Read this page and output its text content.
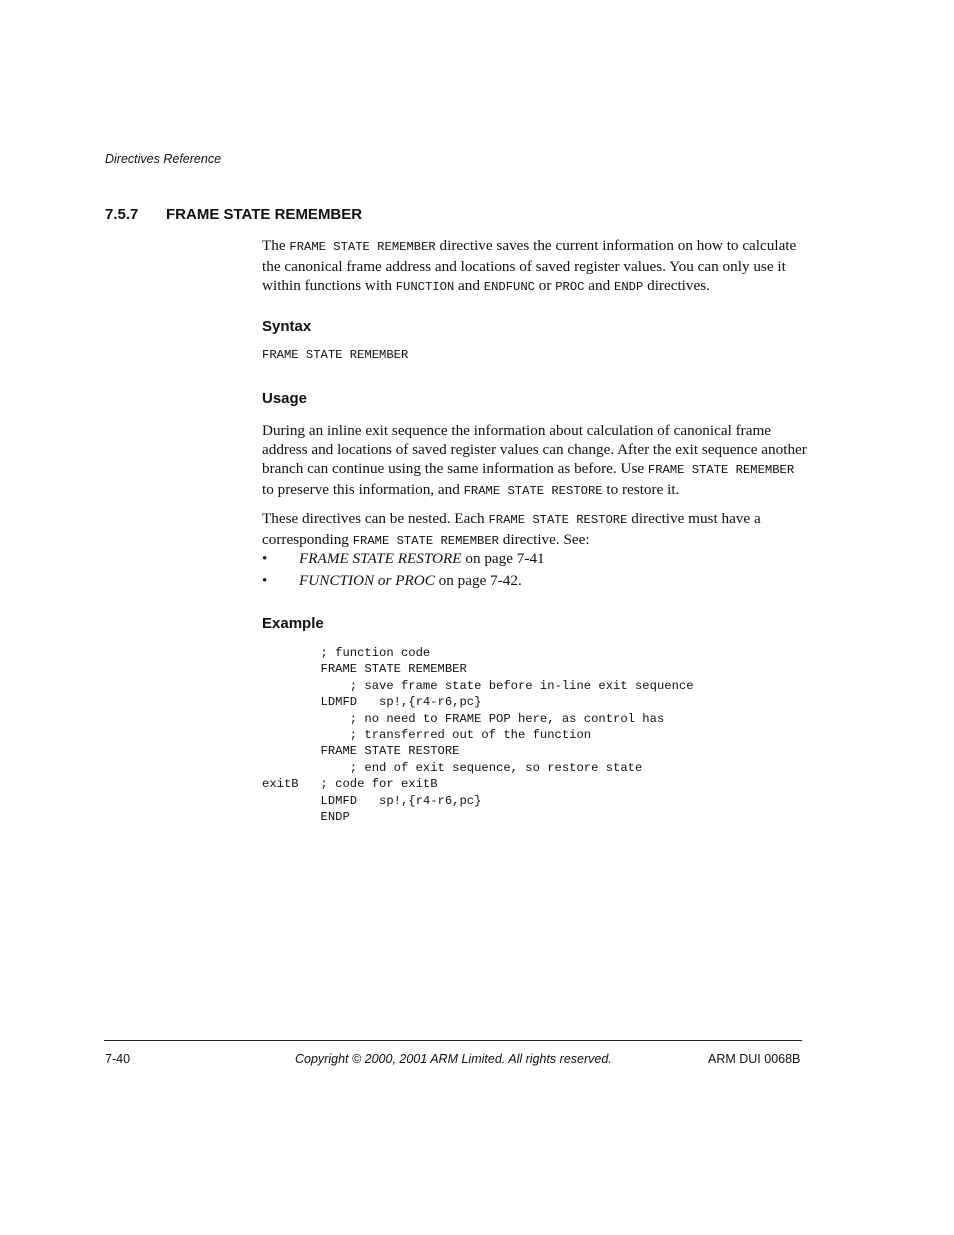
Directives Reference
7.5.7 FRAME STATE REMEMBER

The FRAME STATE REMEMBER directive saves the current information on how to calculate the canonical frame address and locations of saved register values. You can only use it within functions with FUNCTION and ENDFUNC or PROC and ENDP directives.

Syntax
FRAME STATE REMEMBER
Usage

During an inline exit sequence the information about calculation of canonical frame address and locations of saved register values can change. After the exit sequence another branch can continue using the same information as before. Use FRAME STATE REMEMBER to preserve this information, and FRAME STATE RESTORE to restore it.

These directives can be nested. Each FRAME STATE RESTORE directive must have a corresponding FRAME STATE REMEMBER directive. See:

• FRAME STATE RESTORE on page 7-41
• FUNCTION or PROC on page 7-42.
Example
; function code
FRAME STATE REMEMBER
; save frame state before in-line exit sequence
LDMFD   sp!,{r4-r6,pc}
; no need to FRAME POP here, as control has
; transferred out of the function
FRAME STATE RESTORE
; end of exit sequence, so restore state
exitB   ; code for exitB
LDMFD   sp!,{r4-r6,pc}
ENDP
7-40	Copyright © 2000, 2001 ARM Limited. All rights reserved.	ARM DUI 0068B
